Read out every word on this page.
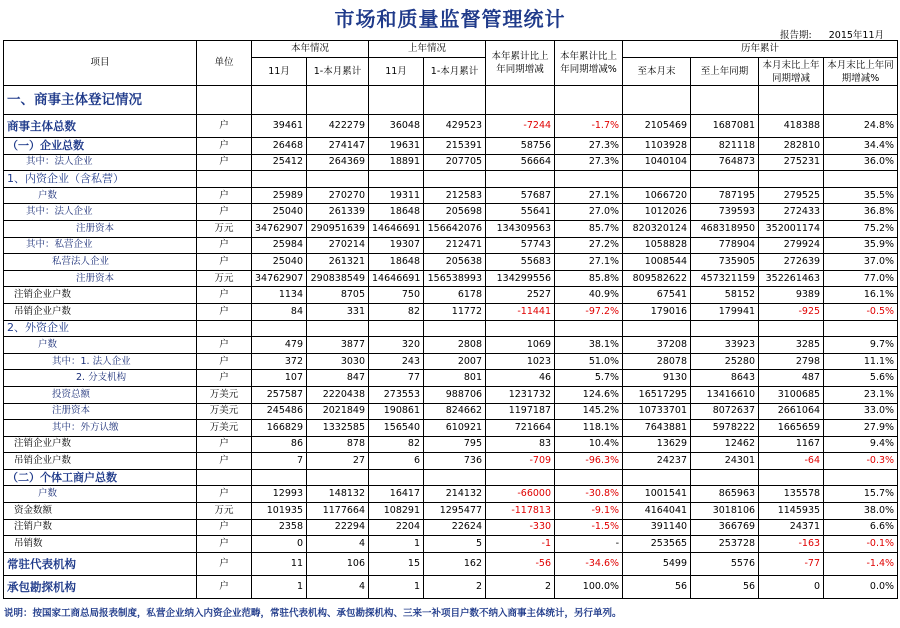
市场和质量监督管理统计
报告期: 2015年11月
项目	单位	本年情况		上年情况		本年累计比上年同期增减	本年累计比上年同期增减%	历年累计			
		11月	1-本月累计	11月	1-本月累计			至本月末	至上年同期	本月末比上年同期增减	本月末比上年同期增减%
一、商事主体登记情况											
商事主体总数	户	39461	422279	36048	429523	-7244	-1.7%	2105469	1687081	418388	24.8%
（一）企业总数	户	26468	274147	19631	215391	58756	27.3%	1103928	821118	282810	34.4%
其中：法人企业	户	25412	264369	18891	207705	56664	27.3%	1040104	764873	275231	36.0%
1、内资企业（含私营）											
户数	户	25989	270270	19311	212583	57687	27.1%	1066720	787195	279525	35.5%
其中：法人企业	户	25040	261339	18648	205698	55641	27.0%	1012026	739593	272433	36.8%
注册资本	万元	34762907	290951639	14646691	156642076	134309563	85.7%	820320124	468318950	352001174	75.2%
其中：私营企业	户	25984	270214	19307	212471	57743	27.2%	1058828	778904	279924	35.9%
私营法人企业	户	25040	261321	18648	205638	55683	27.1%	1008544	735905	272639	37.0%
注册资本	万元	34762907	290838549	14646691	156538993	134299556	85.8%	809582622	457321159	352261463	77.0%
注销企业户数	户	1134	8705	750	6178	2527	40.9%	67541	58152	9389	16.1%
吊销企业户数	户	84	331	82	11772	-11441	-97.2%	179016	179941	-925	-0.5%
2、外资企业											
户数	户	479	3877	320	2808	1069	38.1%	37208	33923	3285	9.7%
其中：1. 法人企业	户	372	3030	243	2007	1023	51.0%	28078	25280	2798	11.1%
2. 分支机构	户	107	847	77	801	46	5.7%	9130	8643	487	5.6%
投资总额	万美元	257587	2220438	273553	988706	1231732	124.6%	16517295	13416610	3100685	23.1%
注册资本	万美元	245486	2021849	190861	824662	1197187	145.2%	10733701	8072637	2661064	33.0%
其中：外方认缴	万美元	166829	1332585	156540	610921	721664	118.1%	7643881	5978222	1665659	27.9%
注销企业户数	户	86	878	82	795	83	10.4%	13629	12462	1167	9.4%
吊销企业户数	户	7	27	6	736	-709	-96.3%	24237	24301	-64	-0.3%
（二）个体工商户总数											
户数	户	12993	148132	16417	214132	-66000	-30.8%	1001541	865963	135578	15.7%
资金数额	万元	101935	1177664	108291	1295477	-117813	-9.1%	4164041	3018106	1145935	38.0%
注销户数	户	2358	22294	2204	22624	-330	-1.5%	391140	366769	24371	6.6%
吊销数	户	0	4	1	5	-1	-	253565	253728	-163	-0.1%
常驻代表机构	户	11	106	15	162	-56	-34.6%	5499	5576	-77	-1.4%
承包勘探机构	户	1	4	1	2	2	100.0%	56	56	0	0.0%
说明：按国家工商总局报表制度，私营企业纳入内资企业范畴，常驻代表机构、承包勘探机构、三来一补项目户数不纳入商事主体统计，另行单列。
